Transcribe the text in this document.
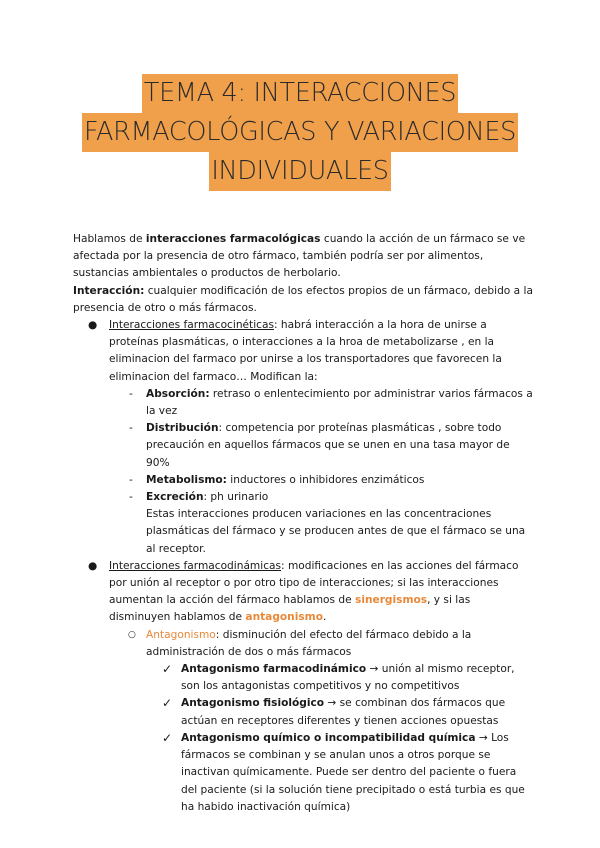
TEMA 4: INTERACCIONES
FARMACOLÓGICAS Y VARIACIONES
INDIVIDUALES

Hablamos de interacciones farmacológicas cuando la acción de un fármaco se ve afectada por la presencia de otro fármaco, también podría ser por alimentos, sustancias ambientales o productos de herbolario.

Interacción: cualquier modificación de los efectos propios de un fármaco, debido a la presencia de otro o más fármacos.

● Interacciones farmacocinéticas: habrá interacción a la hora de unirse a proteínas plasmáticas, o interacciones a la hroa de metabolizarse , en la eliminacion del farmaco por unirse a los transportadores que favorecen la eliminacion del farmaco… Modifican la:
- Absorción: retraso o enlentecimiento por administrar varios fármacos a la vez
- Distribución: competencia por proteínas plasmáticas , sobre todo precaución en aquellos fármacos que se unen en una tasa mayor de 90%
- Metabolismo: inductores o inhibidores enzimáticos
- Excreción: ph urinario

Estas interacciones producen variaciones en las concentraciones plasmáticas del fármaco y se producen antes de que el fármaco se una al receptor.

● Interacciones farmacodinámicas: modificaciones en las acciones del fármaco por unión al receptor o por otro tipo de interacciones; si las interacciones aumentan la acción del fármaco hablamos de sinergismos, y si las disminuyen hablamos de antagonismo.
○ Antagonismo: disminución del efecto del fármaco debido a la administración de dos o más fármacos
✓ Antagonismo farmacodinámico → unión al mismo receptor, son los antagonistas competitivos y no competitivos
✓ Antagonismo fisiológico → se combinan dos fármacos que actúan en receptores diferentes y tienen acciones opuestas
✓ Antagonismo químico o incompatibilidad química → Los fármacos se combinan y se anulan unos a otros porque se inactivan químicamente. Puede ser dentro del paciente o fuera del paciente (si la solución tiene precipitado o está turbia es que ha habido inactivación química)
